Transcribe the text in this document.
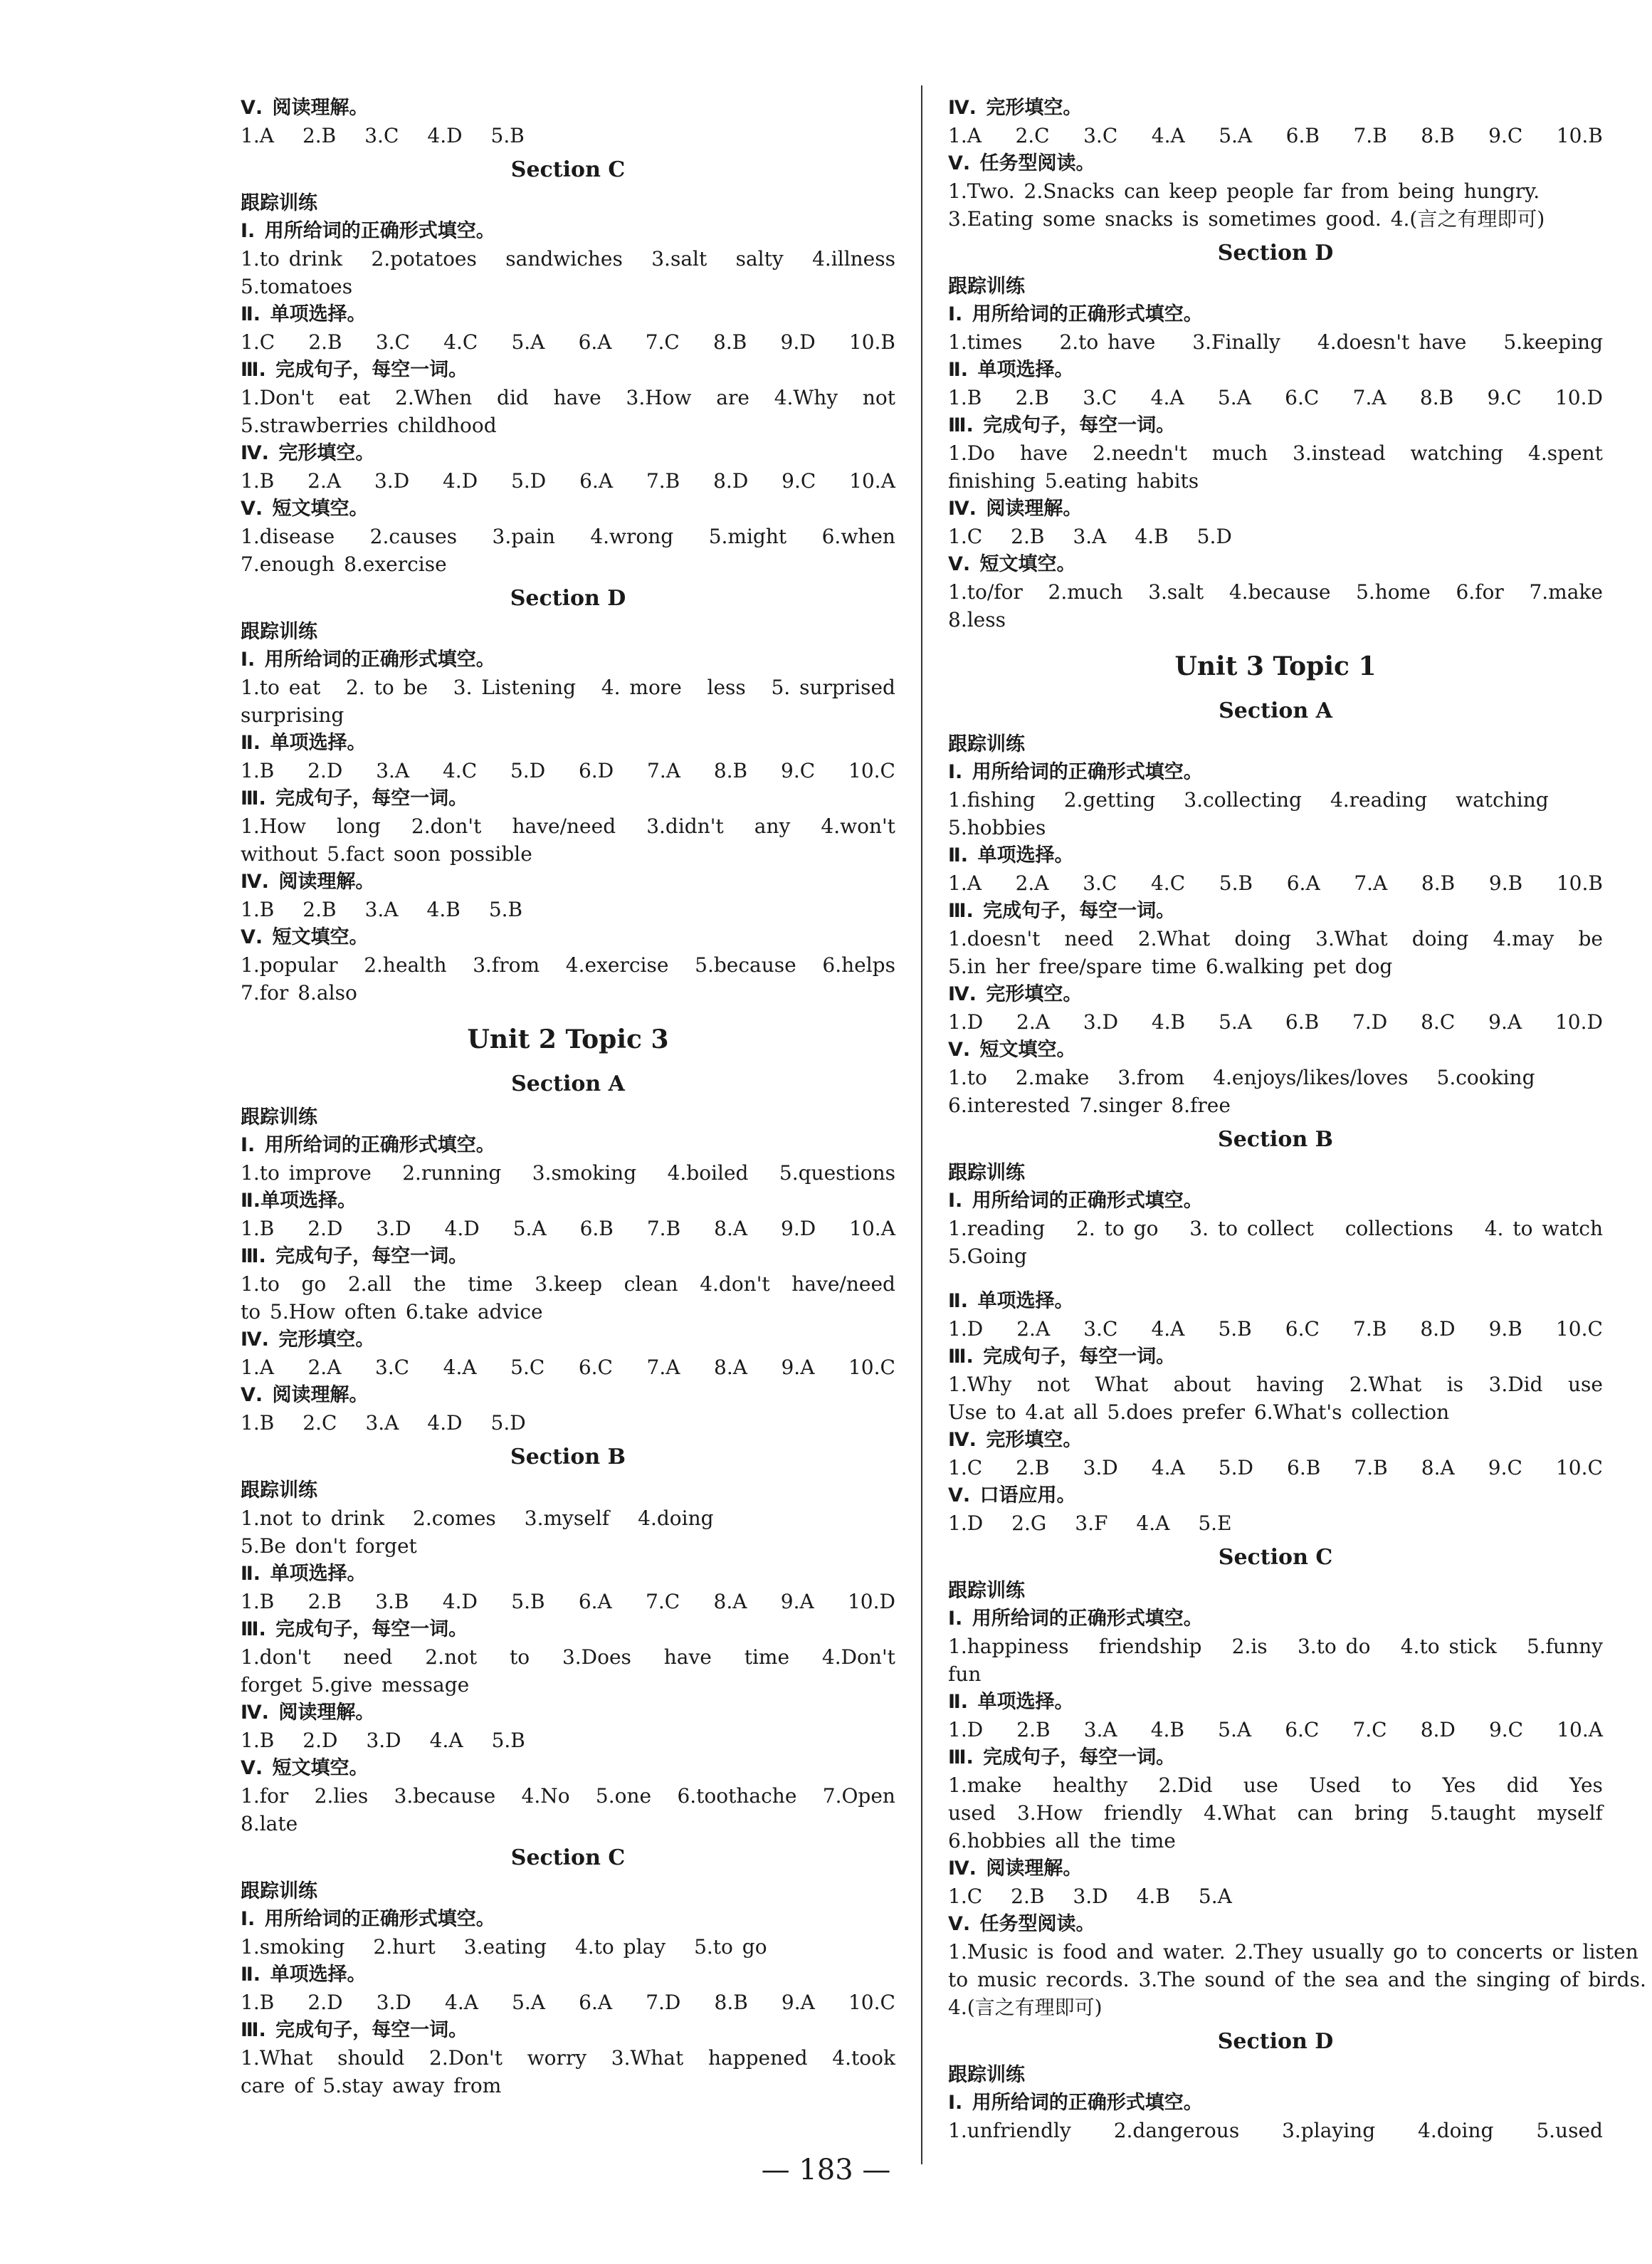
Ⅴ. 阅读理解。
1.A 2.B 3.C 4.D 5.B
Section C
跟踪训练
Ⅰ. 用所给词的正确形式填空。
1.to drink 2.potatoes sandwiches 3.salt salty 4.illness
5.tomatoes
Ⅱ. 单项选择。
1.C 2.B 3.C 4.C 5.A 6.A 7.C 8.B 9.D 10.B
Ⅲ. 完成句子，每空一词。
1.Don't eat 2.When did have 3.How are 4.Why not
5.strawberries childhood
Ⅳ. 完形填空。
1.B 2.A 3.D 4.D 5.D 6.A 7.B 8.D 9.C 10.A
Ⅴ. 短文填空。
1.disease 2.causes 3.pain 4.wrong 5.might 6.when
7.enough 8.exercise
Section D
跟踪训练
Ⅰ. 用所给词的正确形式填空。
1.to eat 2. to be 3. Listening 4. more less 5. surprised
surprising
Ⅱ. 单项选择。
1.B 2.D 3.A 4.C 5.D 6.D 7.A 8.B 9.C 10.C
Ⅲ. 完成句子，每空一词。
1.How long 2.don't have/need 3.didn't any 4.won't
without 5.fact soon possible
Ⅳ. 阅读理解。
1.B 2.B 3.A 4.B 5.B
Ⅴ. 短文填空。
1.popular 2.health 3.from 4.exercise 5.because 6.helps
7.for 8.also
Unit 2 Topic 3
Section A
跟踪训练
Ⅰ. 用所给词的正确形式填空。
1.to improve 2.running 3.smoking 4.boiled 5.questions
Ⅱ.单项选择。
1.B 2.D 3.D 4.D 5.A 6.B 7.B 8.A 9.D 10.A
Ⅲ. 完成句子，每空一词。
1.to go 2.all the time 3.keep clean 4.don't have/need
to 5.How often 6.take advice
Ⅳ. 完形填空。
1.A 2.A 3.C 4.A 5.C 6.C 7.A 8.A 9.A 10.C
Ⅴ. 阅读理解。
1.B 2.C 3.A 4.D 5.D
Section B
跟踪训练
1.not to drink 2.comes 3.myself 4.doing
5.Be don't forget
Ⅱ. 单项选择。
1.B 2.B 3.B 4.D 5.B 6.A 7.C 8.A 9.A 10.D
Ⅲ. 完成句子，每空一词。
1.don't need 2.not to 3.Does have time 4.Don't
forget 5.give message
Ⅳ. 阅读理解。
1.B 2.D 3.D 4.A 5.B
Ⅴ. 短文填空。
1.for 2.lies 3.because 4.No 5.one 6.toothache 7.Open
8.late
Section C
跟踪训练
Ⅰ. 用所给词的正确形式填空。
1.smoking 2.hurt 3.eating 4.to play 5.to go
Ⅱ. 单项选择。
1.B 2.D 3.D 4.A 5.A 6.A 7.D 8.B 9.A 10.C
Ⅲ. 完成句子，每空一词。
1.What should 2.Don't worry 3.What happened 4.took
care of 5.stay away from
Ⅳ. 完形填空。
1.A 2.C 3.C 4.A 5.A 6.B 7.B 8.B 9.C 10.B
Ⅴ. 任务型阅读。
1.Two. 2.Snacks can keep people far from being hungry.
3.Eating some snacks is sometimes good. 4.(言之有理即可)
Section D
跟踪训练
Ⅰ. 用所给词的正确形式填空。
1.times 2.to have 3.Finally 4.doesn't have 5.keeping
Ⅱ. 单项选择。
1.B 2.B 3.C 4.A 5.A 6.C 7.A 8.B 9.C 10.D
Ⅲ. 完成句子，每空一词。
1.Do have 2.needn't much 3.instead watching 4.spent
finishing 5.eating habits
Ⅳ. 阅读理解。
1.C 2.B 3.A 4.B 5.D
Ⅴ. 短文填空。
1.to/for 2.much 3.salt 4.because 5.home 6.for 7.make
8.less
Unit 3 Topic 1
Section A
跟踪训练
Ⅰ. 用所给词的正确形式填空。
1.fishing 2.getting 3.collecting 4.reading watching
5.hobbies
Ⅱ. 单项选择。
1.A 2.A 3.C 4.C 5.B 6.A 7.A 8.B 9.B 10.B
Ⅲ. 完成句子，每空一词。
1.doesn't need 2.What doing 3.What doing 4.may be
5.in her free/spare time 6.walking pet dog
Ⅳ. 完形填空。
1.D 2.A 3.D 4.B 5.A 6.B 7.D 8.C 9.A 10.D
Ⅴ. 短文填空。
1.to 2.make 3.from 4.enjoys/likes/loves 5.cooking
6.interested 7.singer 8.free
Section B
跟踪训练
Ⅰ. 用所给词的正确形式填空。
1.reading 2. to go 3. to collect collections 4. to watch
5.Going
Ⅱ. 单项选择。
1.D 2.A 3.C 4.A 5.B 6.C 7.B 8.D 9.B 10.C
Ⅲ. 完成句子，每空一词。
1.Why not What about having 2.What is 3.Did use
Use to 4.at all 5.does prefer 6.What's collection
Ⅳ. 完形填空。
1.C 2.B 3.D 4.A 5.D 6.B 7.B 8.A 9.C 10.C
Ⅴ. 口语应用。
1.D 2.G 3.F 4.A 5.E
Section C
跟踪训练
Ⅰ. 用所给词的正确形式填空。
1.happiness friendship 2.is 3.to do 4.to stick 5.funny
fun
Ⅱ. 单项选择。
1.D 2.B 3.A 4.B 5.A 6.C 7.C 8.D 9.C 10.A
Ⅲ. 完成句子，每空一词。
1.make healthy 2.Did use Used to Yes did Yes
used 3.How friendly 4.What can bring 5.taught myself
6.hobbies all the time
Ⅳ. 阅读理解。
1.C 2.B 3.D 4.B 5.A
Ⅴ. 任务型阅读。
1.Music is food and water. 2.They usually go to concerts or listen
to music records. 3.The sound of the sea and the singing of birds.
4.(言之有理即可)
Section D
跟踪训练
Ⅰ. 用所给词的正确形式填空。
1.unfriendly 2.dangerous 3.playing 4.doing 5.used
— 183 —
